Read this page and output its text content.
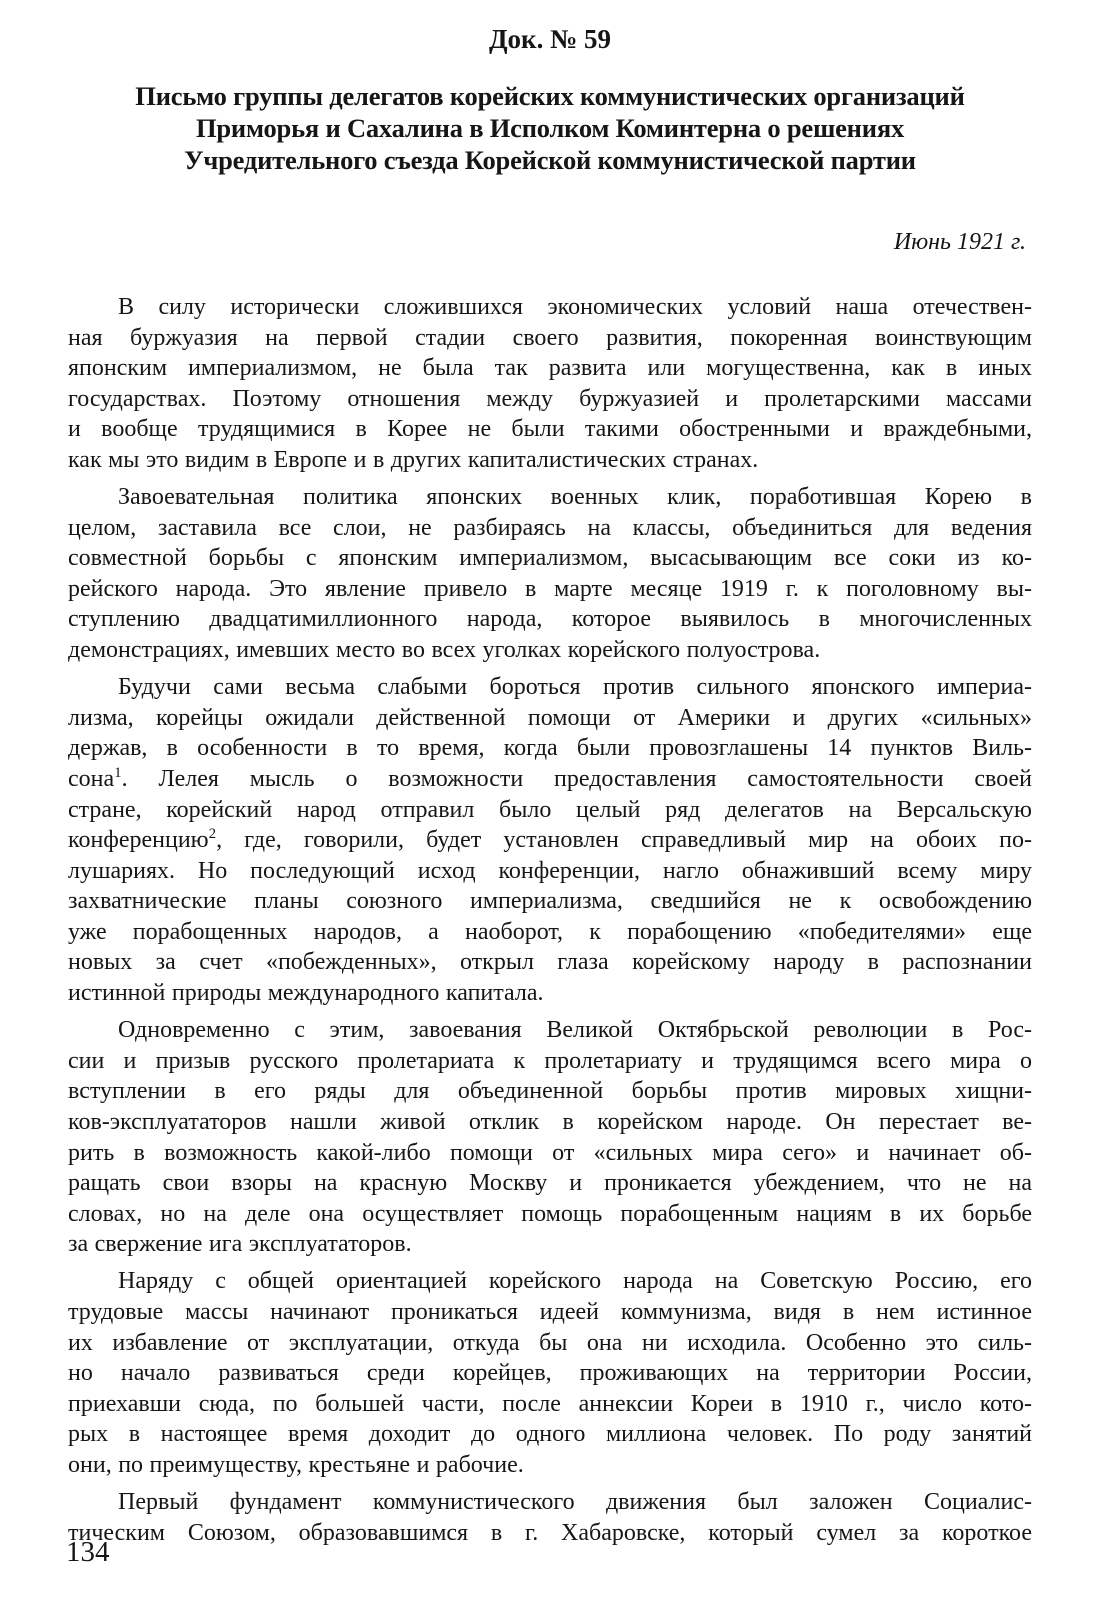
Док. № 59
Письмо группы делегатов корейских коммунистических организаций
Приморья и Сахалина в Исполком Коминтерна о решениях
Учредительного съезда Корейской коммунистической партии
Июнь 1921 г.
В силу исторически сложившихся экономических условий наша отечествен-
ная буржуазия на первой стадии своего развития, покоренная воинствующим
японским империализмом, не была так развита или могущественна, как в иных
государствах. Поэтому отношения между буржуазией и пролетарскими массами
и вообще трудящимися в Корее не были такими обостренными и враждебными,
как мы это видим в Европе и в других капиталистических странах.
Завоевательная политика японских военных клик, поработившая Корею в
целом, заставила все слои, не разбираясь на классы, объединиться для ведения
совместной борьбы с японским империализмом, высасывающим все соки из ко-
рейского народа. Это явление привело в марте месяце 1919 г. к поголовному вы-
ступлению двадцатимиллионного народа, которое выявилось в многочисленных
демонстрациях, имевших место во всех уголках корейского полуострова.
Будучи сами весьма слабыми бороться против сильного японского империа-
лизма, корейцы ожидали действенной помощи от Америки и других «сильных»
держав, в особенности в то время, когда были провозглашены 14 пунктов Виль-
сона$^1$. Лелея мысль о возможности предоставления самостоятельности своей
стране, корейский народ отправил было целый ряд делегатов на Версальскую
конференцию$^2$, где, говорили, будет установлен справедливый мир на обоих по-
лушариях. Но последующий исход конференции, нагло обнаживший всему миру
захватнические планы союзного империализма, сведшийся не к освобождению
уже порабощенных народов, а наоборот, к порабощению «победителями» еще
новых за счет «побежденных», открыл глаза корейскому народу в распознании
истинной природы международного капитала.
Одновременно с этим, завоевания Великой Октябрьской революции в Рос-
сии и призыв русского пролетариата к пролетариату и трудящимся всего мира о
вступлении в его ряды для объединенной борьбы против мировых хищни-
ков-эксплуататоров нашли живой отклик в корейском народе. Он перестает ве-
рить в возможность какой-либо помощи от «сильных мира сего» и начинает об-
ращать свои взоры на красную Москву и проникается убеждением, что не на
словах, но на деле она осуществляет помощь порабощенным нациям в их борьбе
за свержение ига эксплуататоров.
Наряду с общей ориентацией корейского народа на Советскую Россию, его
трудовые массы начинают проникаться идеей коммунизма, видя в нем истинное
их избавление от эксплуатации, откуда бы она ни исходила. Особенно это силь-
но начало развиваться среди корейцев, проживающих на территории России,
приехавши сюда, по большей части, после аннексии Кореи в 1910 г., число кото-
рых в настоящее время доходит до одного миллиона человек. По роду занятий
они, по преимуществу, крестьяне и рабочие.
Первый фундамент коммунистического движения был заложен Социалис-
тическим Союзом, образовавшимся в г. Хабаровске, который сумел за короткое
134
